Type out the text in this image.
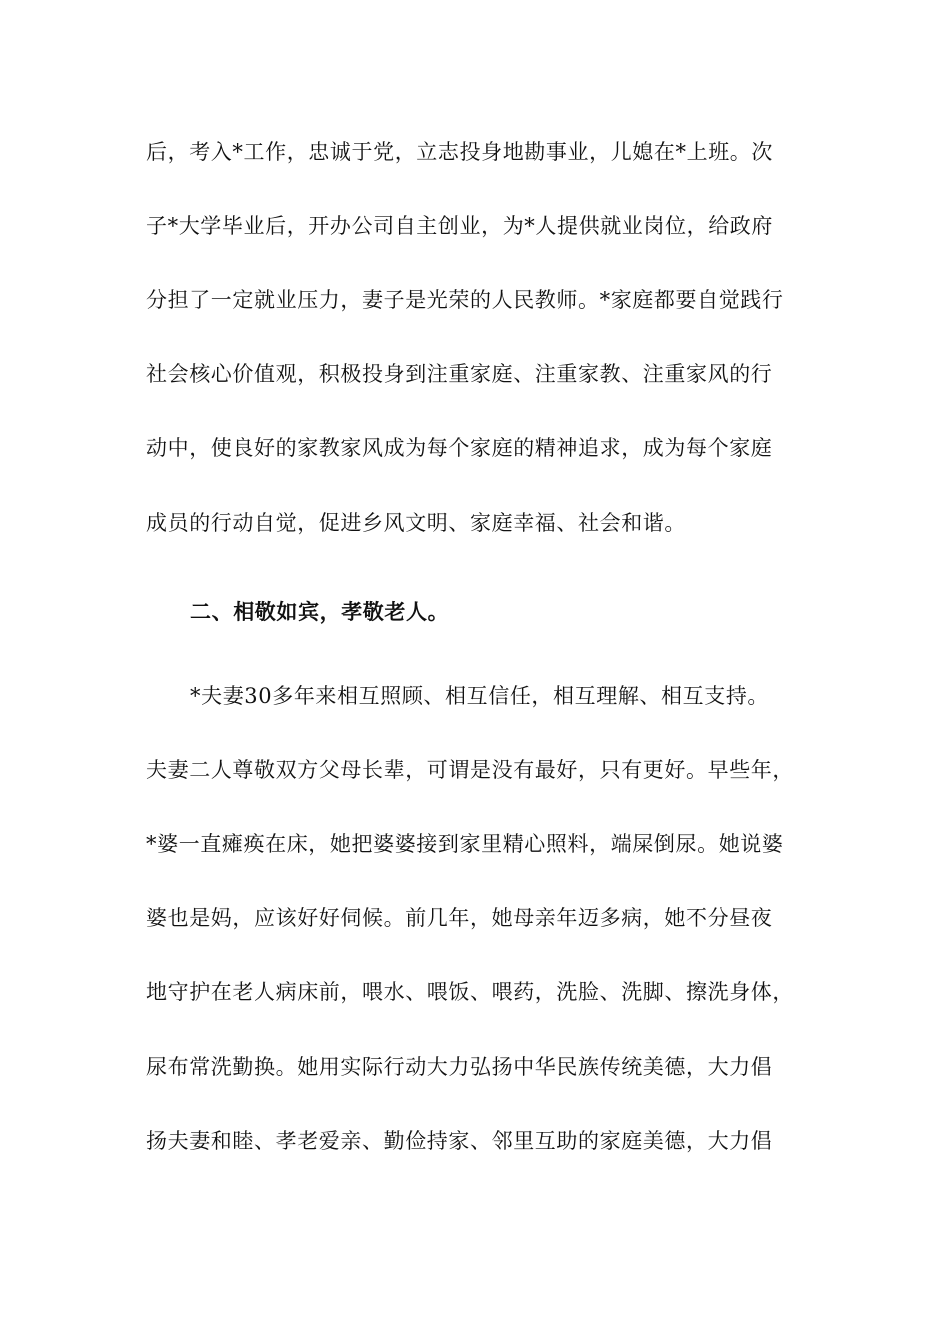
后，考入*工作，忠诚于党，立志投身地勘事业，儿媳在*上班。次
子*大学毕业后，开办公司自主创业，为*人提供就业岗位，给政府
分担了一定就业压力，妻子是光荣的人民教师。*家庭都要自觉践行
社会核心价值观，积极投身到注重家庭、注重家教、注重家风的行
动中，使良好的家教家风成为每个家庭的精神追求，成为每个家庭
成员的行动自觉，促进乡风文明、家庭幸福、社会和谐。
二、相敬如宾，孝敬老人。
*夫妻30多年来相互照顾、相互信任，相互理解、相互支持。
夫妻二人尊敬双方父母长辈，可谓是没有最好，只有更好。早些年，
*婆一直瘫痪在床，她把婆婆接到家里精心照料，端屎倒尿。她说婆
婆也是妈，应该好好伺候。前几年，她母亲年迈多病，她不分昼夜
地守护在老人病床前，喂水、喂饭、喂药，洗脸、洗脚、擦洗身体，
尿布常洗勤换。她用实际行动大力弘扬中华民族传统美德，大力倡
扬夫妻和睦、孝老爱亲、勤俭持家、邻里互助的家庭美德，大力倡
